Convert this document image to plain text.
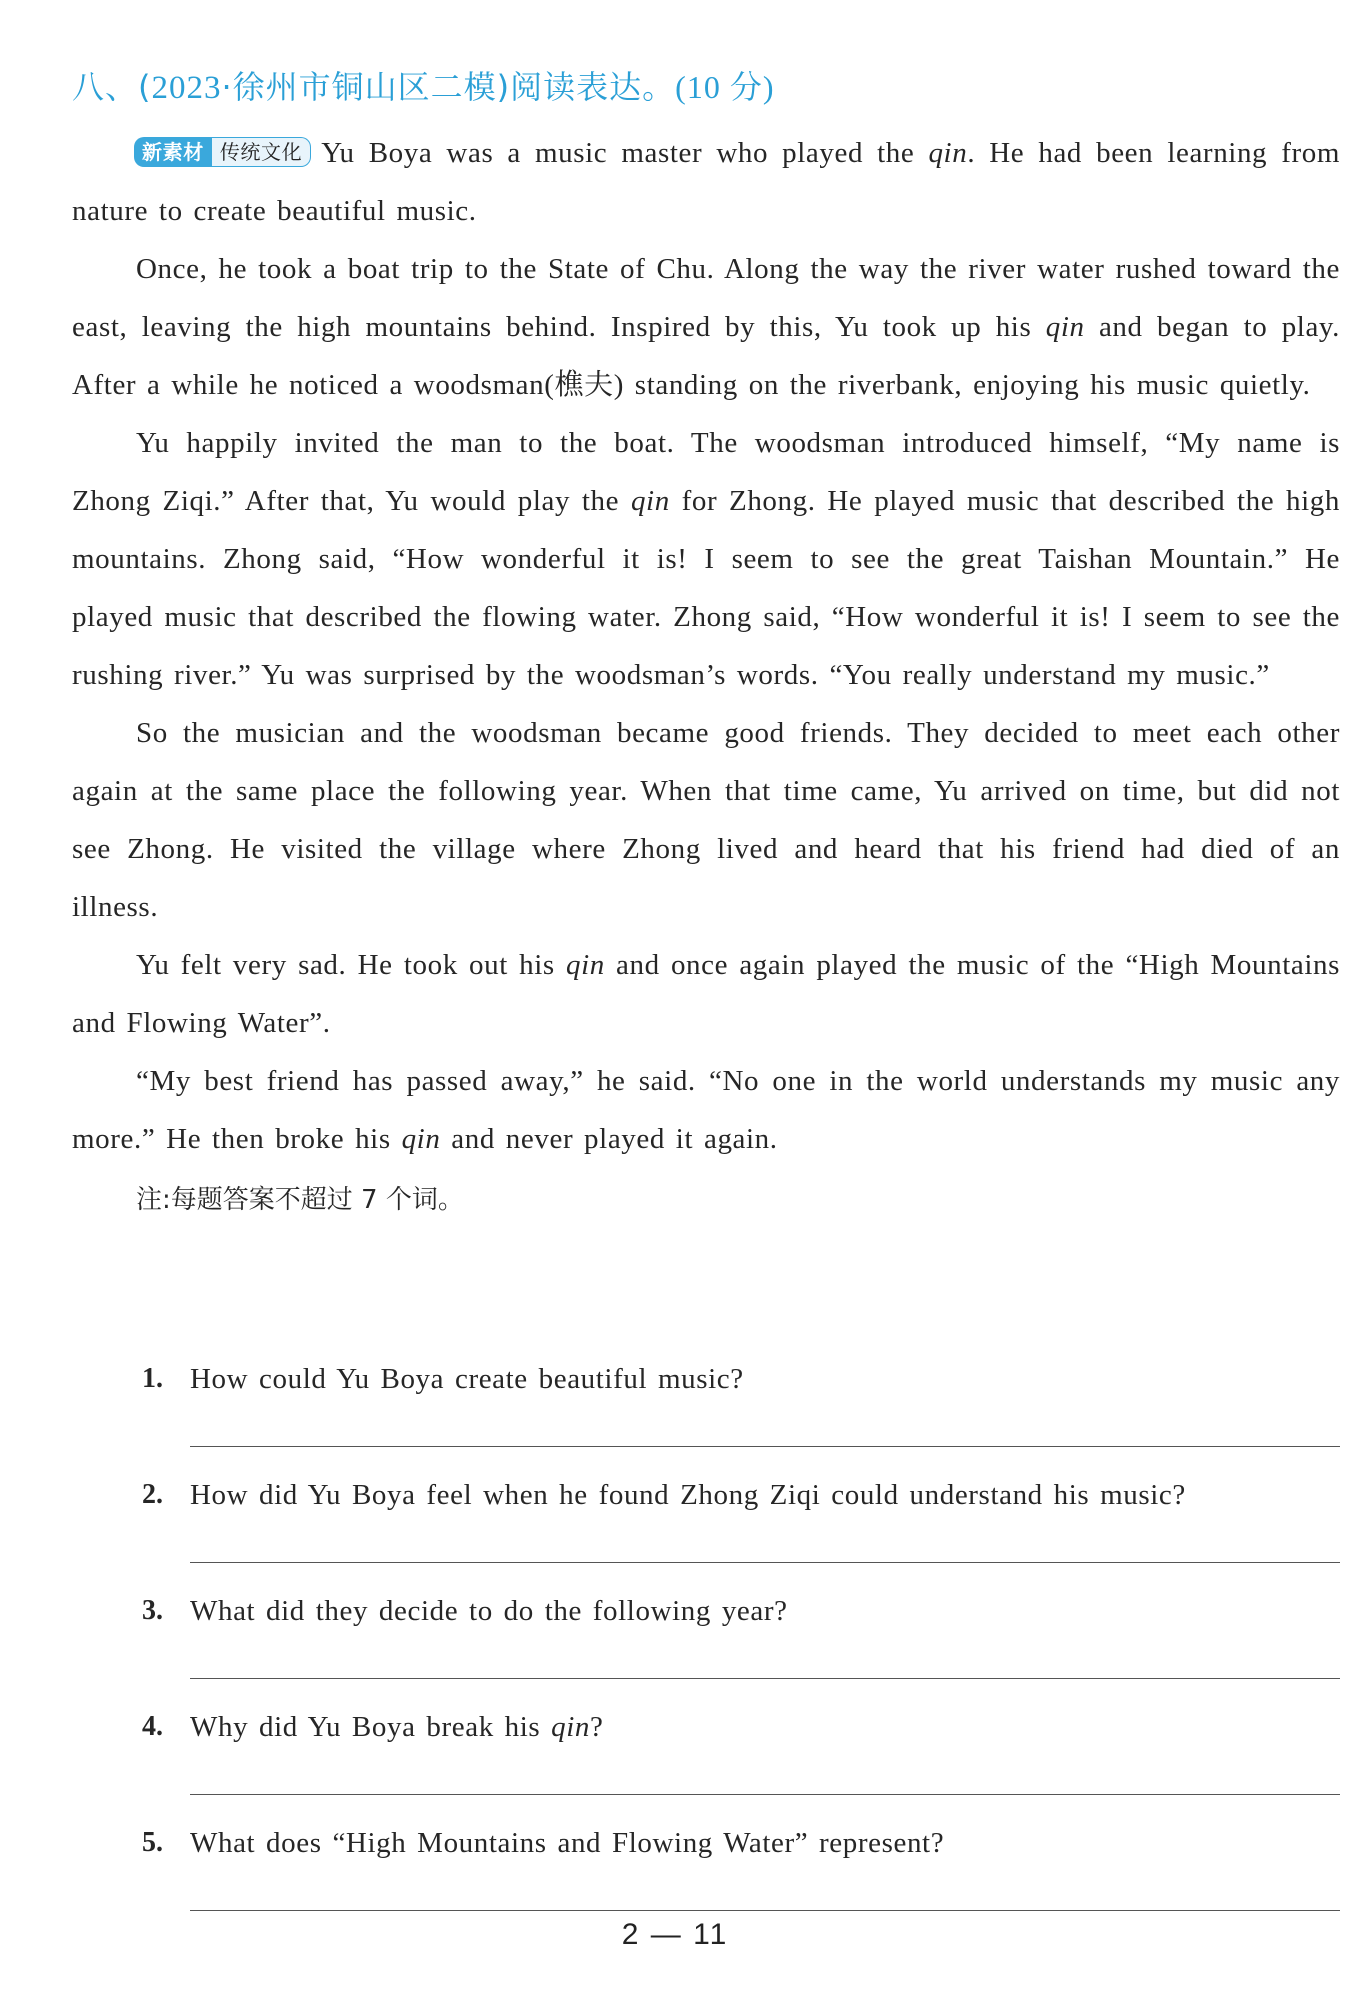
八、(2023·徐州市铜山区二模)阅读表达。(10 分)

新素材 传统文化 Yu Boya was a music master who played the qin. He had been learning from nature to create beautiful music.

Once, he took a boat trip to the State of Chu. Along the way the river water rushed toward the east, leaving the high mountains behind. Inspired by this, Yu took up his qin and began to play. After a while he noticed a woodsman(樵夫) standing on the riverbank, enjoying his music quietly.

Yu happily invited the man to the boat. The woodsman introduced himself, “My name is Zhong Ziqi.” After that, Yu would play the qin for Zhong. He played music that described the high mountains. Zhong said, “How wonderful it is! I seem to see the great Taishan Mountain.” He played music that described the flowing water. Zhong said, “How wonderful it is! I seem to see the rushing river.” Yu was surprised by the woodsman’s words. “You really understand my music.”

So the musician and the woodsman became good friends. They decided to meet each other again at the same place the following year. When that time came, Yu arrived on time, but did not see Zhong. He visited the village where Zhong lived and heard that his friend had died of an illness.

Yu felt very sad. He took out his qin and once again played the music of the “High Mountains and Flowing Water”.

“My best friend has passed away,” he said. “No one in the world understands my music any more.” He then broke his qin and never played it again.

注:每题答案不超过 7 个词。
1. How could Yu Boya create beautiful music?
2. How did Yu Boya feel when he found Zhong Ziqi could understand his music?
3. What did they decide to do the following year?
4. Why did Yu Boya break his qin?
5. What does “High Mountains and Flowing Water” represent?
2 — 11
